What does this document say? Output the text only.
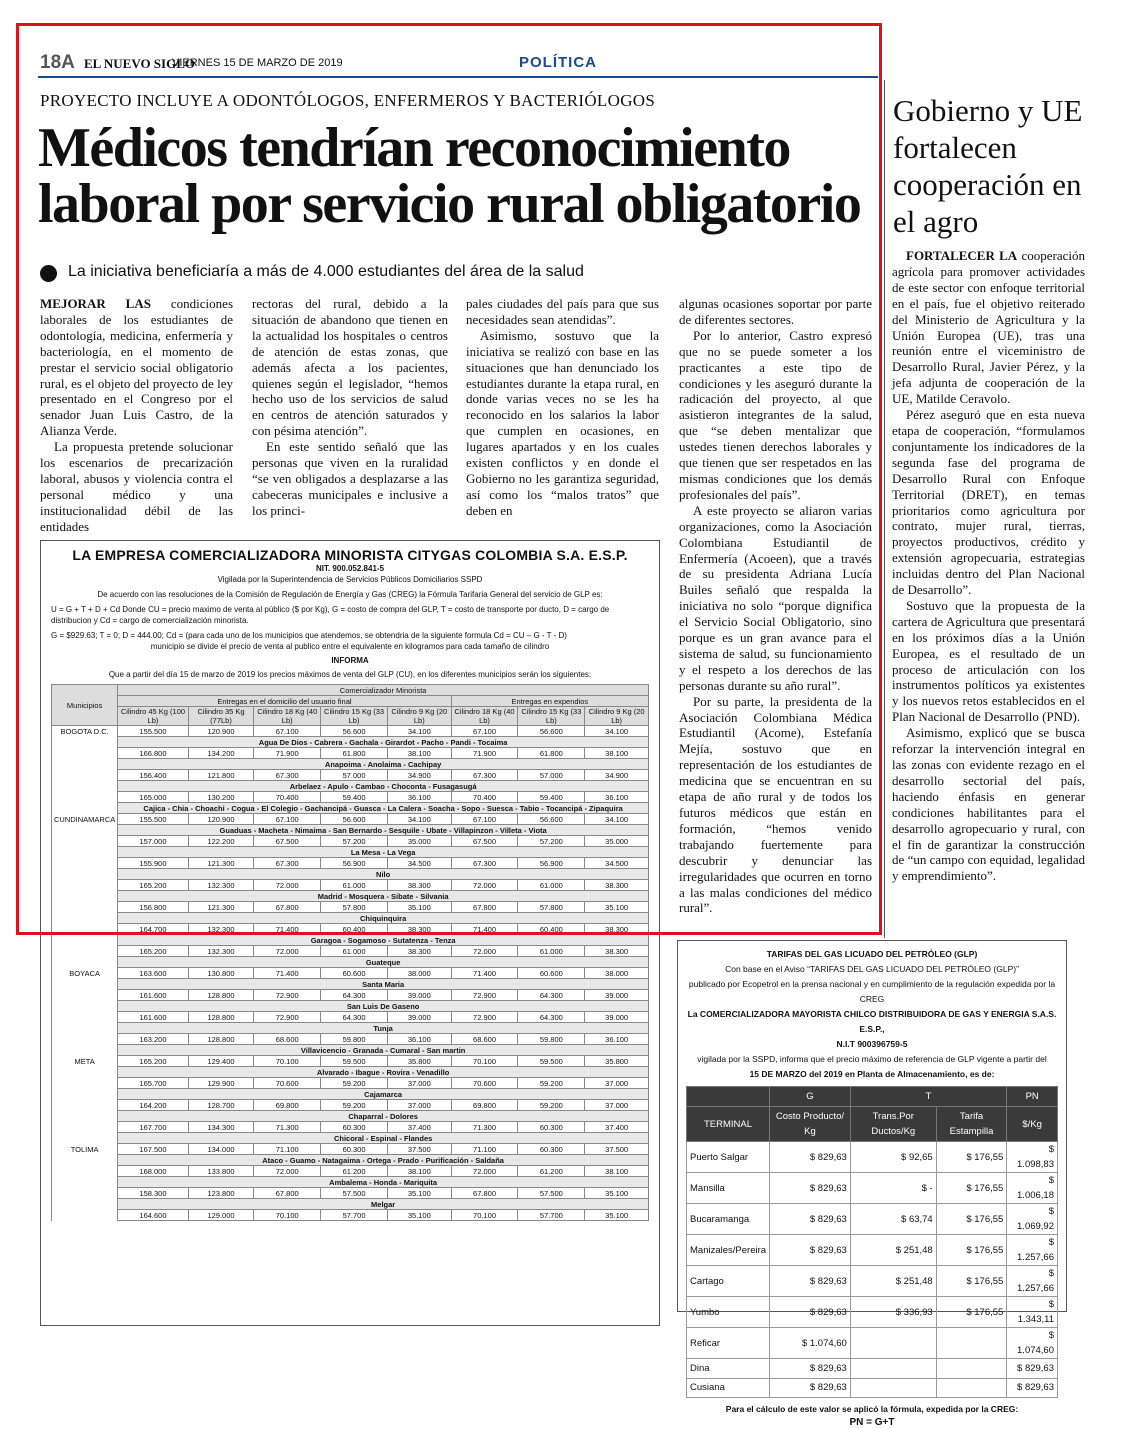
18A EL NUEVO SIGLO
VIERNES 15 DE MARZO DE 2019	POLÍTICA
PROYECTO INCLUYE A ODONTÓLOGOS, ENFERMEROS Y BACTERIÓLOGOS
Médicos tendrían reconocimiento
laboral por servicio rural obligatorio
La iniciativa beneficiaría a más de 4.000 estudiantes del área de la salud

MEJORAR LAS condiciones laborales de los estudiantes de odontología, medicina, enfermería y bacteriología, en el momento de prestar el servicio social obligatorio rural, es el objeto del proyecto de ley presentado en el Congreso por el senador Juan Luis Castro, de la Alianza Verde.

La propuesta pretende solucionar los escenarios de precarización laboral, abusos y violencia contra el personal médico y una institucionalidad débil de las entidades

rectoras del rural, debido a la situación de abandono que tienen en la actualidad los hospitales o centros de atención de estas zonas, que además afecta a los pacientes, quienes según el legislador, “hemos hecho uso de los servicios de salud en centros de atención saturados y con pésima atención”.

En este sentido señaló que las personas que viven en la ruralidad “se ven obligados a desplazarse a las cabeceras municipales e inclusive a los princi-

pales ciudades del país para que sus necesidades sean atendidas”.

Asimismo, sostuvo que la iniciativa se realizó con base en las situaciones que han denunciado los estudiantes durante la etapa rural, en donde varias veces no se les ha reconocido en los salarios la labor que cumplen en ocasiones, en lugares apartados y en los cuales existen conflictos y en donde el Gobierno no les garantiza seguridad, así como los “malos tratos” que deben en

algunas ocasiones soportar por parte de diferentes sectores.

Por lo anterior, Castro expresó que no se puede someter a los practicantes a este tipo de condiciones y les aseguró durante la radicación del proyecto, al que asistieron integrantes de la salud, que “se deben mentalizar que ustedes tienen derechos laborales y que tienen que ser respetados en las mismas condiciones que los demás profesionales del país”.

A este proyecto se aliaron varias organizaciones, como la Asociación Colombiana Estudiantil de Enfermería (Acoeen), que a través de su presidenta Adriana Lucía Builes señaló que respalda la iniciativa no solo “porque dignifica el Servicio Social Obligatorio, sino porque es un gran avance para el sistema de salud, su funcionamiento y el respeto a los derechos de las personas durante su año rural”.

Por su parte, la presidenta de la Asociación Colombiana Médica Estudiantil (Acome), Estefanía Mejía, sostuvo que en representación de los estudiantes de medicina que se encuentran en su etapa de año rural y de todos los futuros médicos que están en formación, “hemos venido trabajando fuertemente para descubrir y denunciar las irregularidades que ocurren en torno a las malas condiciones del médico rural”.

Gobierno y UE fortalecen cooperación en el agro

FORTALECER LA cooperación agrícola para promover actividades de este sector con enfoque territorial en el país, fue el objetivo reiterado del Ministerio de Agricultura y la Unión Europea (UE), tras una reunión entre el viceministro de Desarrollo Rural, Javier Pérez, y la jefa adjunta de cooperación de la UE, Matilde Ceravolo.

Pérez aseguró que en esta nueva etapa de cooperación, “formulamos conjuntamente los indicadores de la segunda fase del programa de Desarrollo Rural con Enfoque Territorial (DRET), en temas prioritarios como agricultura por contrato, mujer rural, tierras, proyectos productivos, crédito y extensión agropecuaria, estrategias incluidas dentro del Plan Nacional de Desarrollo”.

Sostuvo que la propuesta de la cartera de Agricultura que presentará en los próximos días a la Unión Europea, es el resultado de un proceso de articulación con los instrumentos políticos ya existentes y los nuevos retos establecidos en el Plan Nacional de Desarrollo (PND).

Asimismo, explicó que se busca reforzar la intervención integral en las zonas con evidente rezago en el desarrollo sectorial del país, haciendo énfasis en generar condiciones habilitantes para el desarrollo agropecuario y rural, con el fin de garantizar la construcción de “un campo con equidad, legalidad y emprendimiento”.

LA EMPRESA COMERCIALIZADORA MINORISTA CITYGAS COLOMBIA S.A. E.S.P.
NIT. 900.052.841-5
Vigilada por la Superintendencia de Servicios Públicos Domiciliarios SSPD
De acuerdo con las resoluciones de la Comisión de Regulación de Energía y Gas (CREG) la Fórmula Tarifaria General del servicio de GLP es:
U = G + T + D + Cd Donde CU = precio maximo de venta al público ($ por Kg), G = costo de compra del GLP, T = costo de transporte por ducto, D = cargo de distribucion y Cd = cargo de comercialización minorista.
G = $929.63; T = 0; D = 444.00; Cd = (para cada uno de los municipios que atendemos, se obtendria de la siguiente formula Cd = CU – G - T - D)
municipio se divide el precio de venta al publico entre el equivalente en kilogramos para cada tamaño de cilindro
INFORMA
Que a partir del día 15 de marzo de 2019 los precios máximos de venta del GLP (CU), en los diferentes municipios serán los siguientes:
Municipios	Comercializador Minorista							
	Entregas en el domicilio del usuario final					Entregas en expendios		
	Cilindro 45 Kg (100 Lb)	Cilindro 35 Kg (77Lb)	Cilindro 18 Kg (40 Lb)	Cilindro 15 Kg (33 Lb)	Cilindro 9 Kg (20 Lb)	Cilindro 18 Kg (40 Lb)	Cilindro 15 Kg (33 Lb)	Cilindro 9 Kg (20 Lb)
BOGOTA D.C.	155.500	120.900	67.100	56.600	34.100	67.100	56.600	34.100
	Agua De Dios - Cabrera - Gachala - Girardot - Pacho - Pandi - Tocaima							
	166.800	134.200	71.900	61.800	38.100	71.900	61.800	38.100
	Anapoima - Anolaima - Cachipay							
	156.400	121.800	67.300	57.000	34.900	67.300	57.000	34.900
	Arbelaez - Apulo - Cambao - Choconta - Fusagasugá							
	165.000	130.200	70.400	59.400	36.100	70.400	59.400	36.100
	Cajica - Chia - Choachi - Cogua - El Colegio - Gachancipá - Guasca - La Calera - Soacha - Sopo - Suesca - Tabio - Tocancipá - Zipaquira							
CUNDINAMARCA	155.500	120.900	67.100	56.600	34.100	67.100	56.600	34.100
	Guaduas - Macheta - Nimaima - San Bernardo - Sesquile - Ubate - Villapinzon - Villeta - Viota							
	157.000	122.200	67.500	57.200	35.000	67.500	57.200	35.000
	La Mesa - La Vega							
	155.900	121.300	67.300	56.900	34.500	67.300	56.900	34.500
	Nilo							
	165.200	132.300	72.000	61.000	38.300	72.000	61.000	38.300
	Madrid - Mosquera - Sibate - Silvania							
	156.800	121.300	67.800	57.800	35.100	67.800	57.800	35.100
	Chiquinquira							
	164.700	132.300	71.400	60.400	38.300	71.400	60.400	38.300
	Garagoa - Sogamoso - Sutatenza - Tenza							
	165.200	132.300	72.000	61.000	38.300	72.000	61.000	38.300
	Guateque							
BOYACA	163.600	130.800	71.400	60.600	38.000	71.400	60.600	38.000
	Santa Maria							
	161.600	128.800	72.900	64.300	39.000	72.900	64.300	39.000
	San Luis De Gaseno							
	161.600	128.800	72.900	64.300	39.000	72.900	64.300	39.000
	Tunja							
	163.200	128.800	68.600	59.800	36.100	68.600	59.800	36.100
	Villavicencio - Granada - Cumaral - San martin							
META	165.200	129.400	70.100	59.500	35.800	70.100	59.500	35.800
	Alvarado - Ibague - Rovira - Venadillo							
	165.700	129.900	70.600	59.200	37.000	70.600	59.200	37.000
	Cajamarca							
	164.200	128.700	69.800	59.200	37.000	69.800	59.200	37.000
	Chaparral - Dolores							
	167.700	134.300	71.300	60.300	37.400	71.300	60.300	37.400
	Chicoral - Espinal - Flandes							
TOLIMA	167.500	134.000	71.100	60.300	37.500	71.100	60.300	37.500
	Ataco - Guamo - Natagaima - Ortega - Prado - Purificación - Saldaña							
	168.000	133.800	72.000	61.200	38.100	72.000	61.200	38.100
	Ambalema - Honda - Mariquita							
	158.300	123.800	67.800	57.500	35.100	67.800	57.500	35.100
	Melgar							
	164.600	129.000	70.100	57.700	35.100	70.100	57.700	35.100
TARIFAS DEL GAS LICUADO DEL PETRÓLEO (GLP)
Con base en el Aviso “TARIFAS DEL GAS LICUADO DEL PETRÓLEO (GLP)”
publicado por Ecopetrol en la prensa nacional y en cumplimiento de la regulación expedida por la CREG
La COMERCIALIZADORA MAYORISTA CHILCO DISTRIBUIDORA DE GAS Y ENERGIA S.A.S. E.S.P.,
N.I.T 900396759-5
vigilada por la SSPD, informa que el precio máximo de referencia de GLP vigente a partir del
15 DE MARZO del 2019 en Planta de Almacenamiento, es de:
	G	T		PN
TERMINAL	Costo Producto/ Kg	Trans.Por Ductos/Kg	Tarifa Estampilla	$/Kg
Puerto Salgar	$ 829,63	$ 92,65	$ 176,55	$ 1.098,83
Mansilla	$ 829,63	$ -	$ 176,55	$ 1.006,18
Bucaramanga	$ 829,63	$ 63,74	$ 176,55	$ 1.069,92
Manizales/Pereira	$ 829,63	$ 251,48	$ 176,55	$ 1.257,66
Cartago	$ 829,63	$ 251,48	$ 176,55	$ 1.257,66
Yumbo	$ 829,63	$ 336,93	$ 176,55	$ 1.343,11
Reficar	$ 1.074,60			$ 1.074,60
Dina	$ 829,63			$ 829,63
Cusiana	$ 829,63			$ 829,63
Para el cálculo de este valor se aplicó la fórmula, expedida por la CREG:
PN = G+T
